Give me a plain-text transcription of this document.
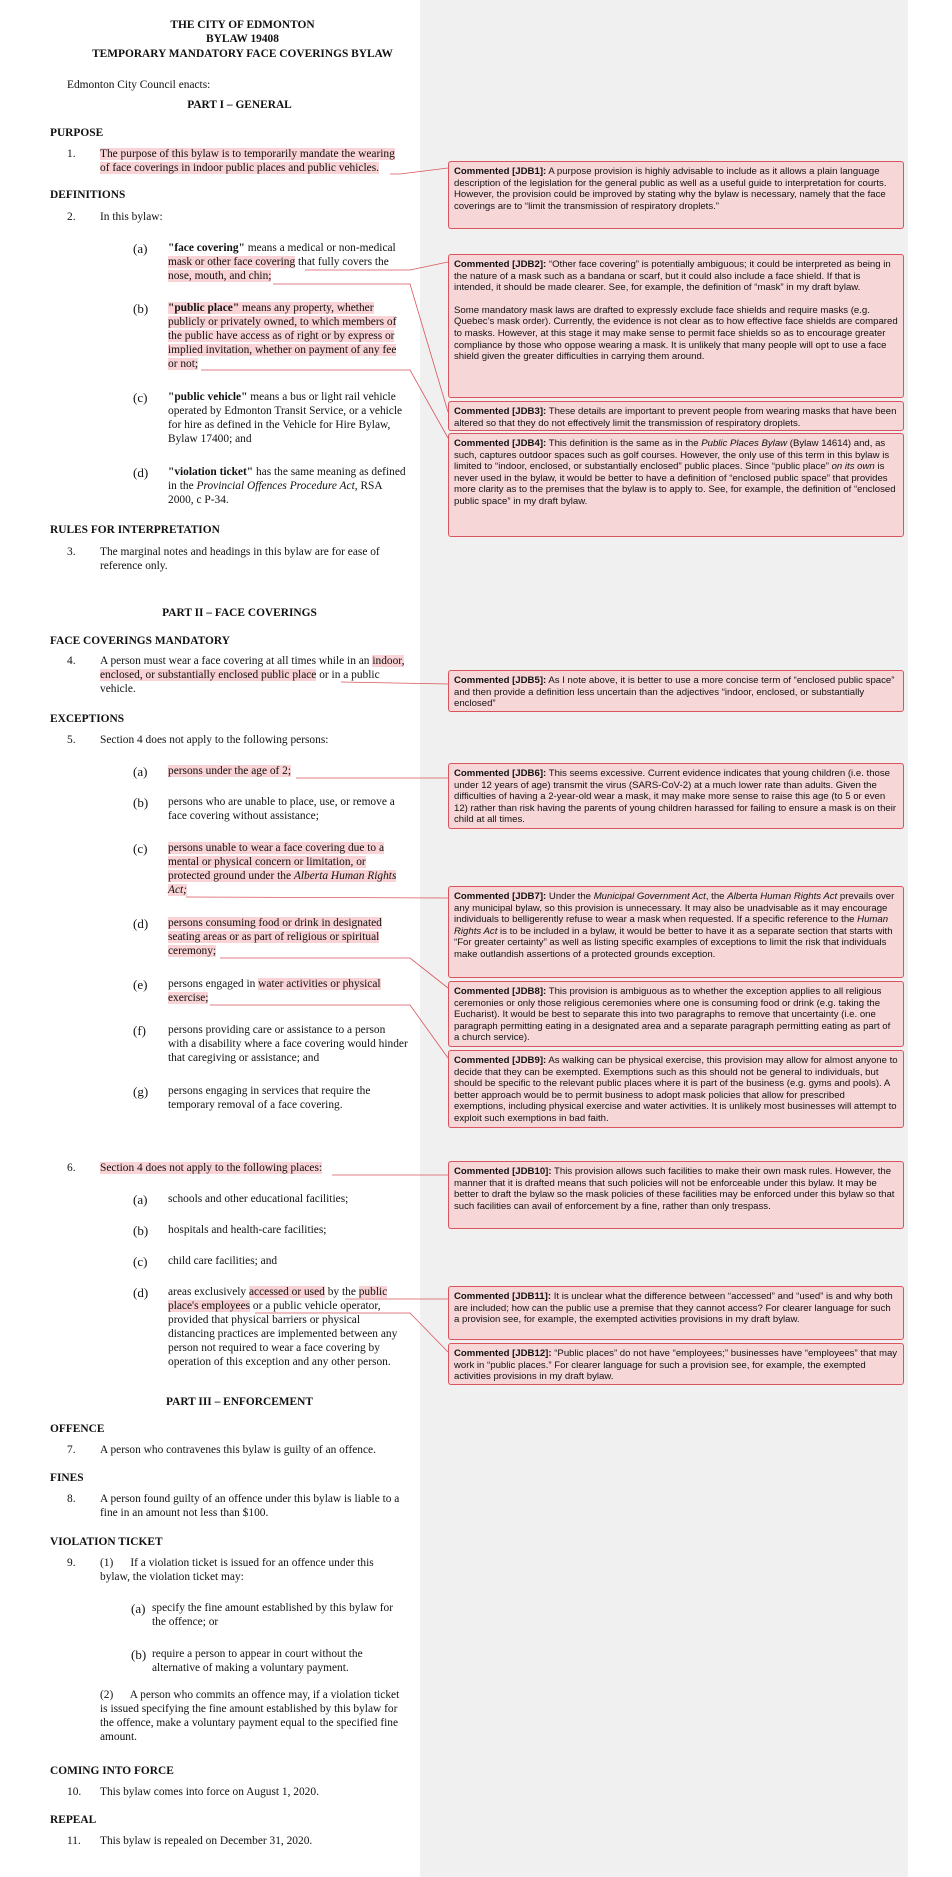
THE CITY OF EDMONTON
BYLAW 19408
TEMPORARY MANDATORY FACE COVERINGS BYLAW
Edmonton City Council enacts:
PART I – GENERAL
PURPOSE
1. The purpose of this bylaw is to temporarily mandate the wearing
of face coverings in indoor public places and public vehicles.
DEFINITIONS
2. In this bylaw:
(a) "face covering" means a medical or non-medical
mask or other face covering that fully covers the
nose, mouth, and chin;
(b) "public place" means any property, whether
publicly or privately owned, to which members of
the public have access as of right or by express or
implied invitation, whether on payment of any fee
or not;
(c) "public vehicle" means a bus or light rail vehicle
operated by Edmonton Transit Service, or a vehicle
for hire as defined in the Vehicle for Hire Bylaw,
Bylaw 17400; and
(d) "violation ticket" has the same meaning as defined
in the Provincial Offences Procedure Act, RSA
2000, c P-34.
RULES FOR INTERPRETATION
3. The marginal notes and headings in this bylaw are for ease of
reference only.
PART II – FACE COVERINGS
FACE COVERINGS MANDATORY
4. A person must wear a face covering at all times while in an indoor,
enclosed, or substantially enclosed public place or in a public
vehicle.
EXCEPTIONS
5. Section 4 does not apply to the following persons:
(a) persons under the age of 2;
(b) persons who are unable to place, use, or remove a
face covering without assistance;
(c) persons unable to wear a face covering due to a
mental or physical concern or limitation, or
protected ground under the Alberta Human Rights
Act;
(d) persons consuming food or drink in designated
seating areas or as part of religious or spiritual
ceremony;
(e) persons engaged in water activities or physical
exercise;
(f) persons providing care or assistance to a person
with a disability where a face covering would hinder
that caregiving or assistance; and
(g) persons engaging in services that require the
temporary removal of a face covering.
6. Section 4 does not apply to the following places:
(a) schools and other educational facilities;
(b) hospitals and health-care facilities;
(c) child care facilities; and
(d) areas exclusively accessed or used by the public
place's employees or a public vehicle operator,
provided that physical barriers or physical
distancing practices are implemented between any
person not required to wear a face covering by
operation of this exception and any other person.
PART III – ENFORCEMENT
OFFENCE
7. A person who contravenes this bylaw is guilty of an offence.
FINES
8. A person found guilty of an offence under this bylaw is liable to a
fine in an amount not less than $100.
VIOLATION TICKET
9. (1)      If a violation ticket is issued for an offence under this
bylaw, the violation ticket may:
(a) specify the fine amount established by this bylaw for
the offence; or
(b) require a person to appear in court without the
alternative of making a voluntary payment.
(2)      A person who commits an offence may, if a violation ticket
is issued specifying the fine amount established by this bylaw for
the offence, make a voluntary payment equal to the specified fine
amount.
COMING INTO FORCE
10. This bylaw comes into force on August 1, 2020.
REPEAL
11. This bylaw is repealed on December 31, 2020.
Commented [JDB1]: A purpose provision is highly advisable to include as it allows a plain language description of the legislation for the general public as well as a useful guide to interpretation for courts. However, the provision could be improved by stating why the bylaw is necessary, namely that the face coverings are to “limit the transmission of respiratory droplets.”
Commented [JDB2]: “Other face covering” is potentially ambiguous; it could be interpreted as being in the nature of a mask such as a bandana or scarf, but it could also include a face shield. If that is intended, it should be made clearer. See, for example, the definition of “mask” in my draft bylaw.
Some mandatory mask laws are drafted to expressly exclude face shields and require masks (e.g. Quebec’s mask order). Currently, the evidence is not clear as to how effective face shields are compared to masks. However, at this stage it may make sense to permit face shields so as to encourage greater compliance by those who oppose wearing a mask. It is unlikely that many people will opt to use a face shield given the greater difficulties in carrying them around.
Commented [JDB3]: These details are important to prevent people from wearing masks that have been altered so that they do not effectively limit the transmission of respiratory droplets.
Commented [JDB4]: This definition is the same as in the Public Places Bylaw (Bylaw 14614) and, as such, captures outdoor spaces such as golf courses. However, the only use of this term in this bylaw is limited to “indoor, enclosed, or substantially enclosed” public places. Since “public place” on its own is never used in the bylaw, it would be better to have a definition of “enclosed public space” that provides more clarity as to the premises that the bylaw is to apply to. See, for example, the definition of “enclosed public space” in my draft bylaw.
Commented [JDB5]: As I note above, it is better to use a more concise term of “enclosed public space” and then provide a definition less uncertain than the adjectives “indoor, enclosed, or substantially enclosed”
Commented [JDB6]: This seems excessive. Current evidence indicates that young children (i.e. those under 12 years of age) transmit the virus (SARS-CoV-2) at a much lower rate than adults. Given the difficulties of having a 2-year-old wear a mask, it may make more sense to raise this age (to 5 or even 12) rather than risk having the parents of young children harassed for failing to ensure a mask is on their child at all times.
Commented [JDB7]: Under the Municipal Government Act, the Alberta Human Rights Act prevails over any municipal bylaw, so this provision is unnecessary. It may also be unadvisable as it may encourage individuals to belligerently refuse to wear a mask when requested. If a specific reference to the Human Rights Act is to be included in a bylaw, it would be better to have it as a separate section that starts with “For greater certainty” as well as listing specific examples of exceptions to limit the risk that individuals make outlandish assertions of a protected grounds exception.
Commented [JDB8]: This provision is ambiguous as to whether the exception applies to all religious ceremonies or only those religious ceremonies where one is consuming food or drink (e.g. taking the Eucharist). It would be best to separate this into two paragraphs to remove that uncertainty (i.e. one paragraph permitting eating in a designated area and a separate paragraph permitting eating as part of a church service).
Commented [JDB9]: As walking can be physical exercise, this provision may allow for almost anyone to decide that they can be exempted. Exemptions such as this should not be general to individuals, but should be specific to the relevant public places where it is part of the business (e.g. gyms and pools). A better approach would be to permit business to adopt mask policies that allow for prescribed exemptions, including physical exercise and water activities. It is unlikely most businesses will attempt to exploit such exemptions in bad faith.
Commented [JDB10]: This provision allows such facilities to make their own mask rules. However, the manner that it is drafted means that such policies will not be enforceable under this bylaw. It may be better to draft the bylaw so the mask policies of these facilities may be enforced under this bylaw so that such facilities can avail of enforcement by a fine, rather than only trespass.
Commented [JDB11]: It is unclear what the difference between “accessed” and “used” is and why both are included; how can the public use a premise that they cannot access? For clearer language for such a provision see, for example, the exempted activities provisions in my draft bylaw.
Commented [JDB12]: “Public places” do not have “employees;” businesses have “employees” that may work in “public places.” For clearer language for such a provision see, for example, the exempted activities provisions in my draft bylaw.
